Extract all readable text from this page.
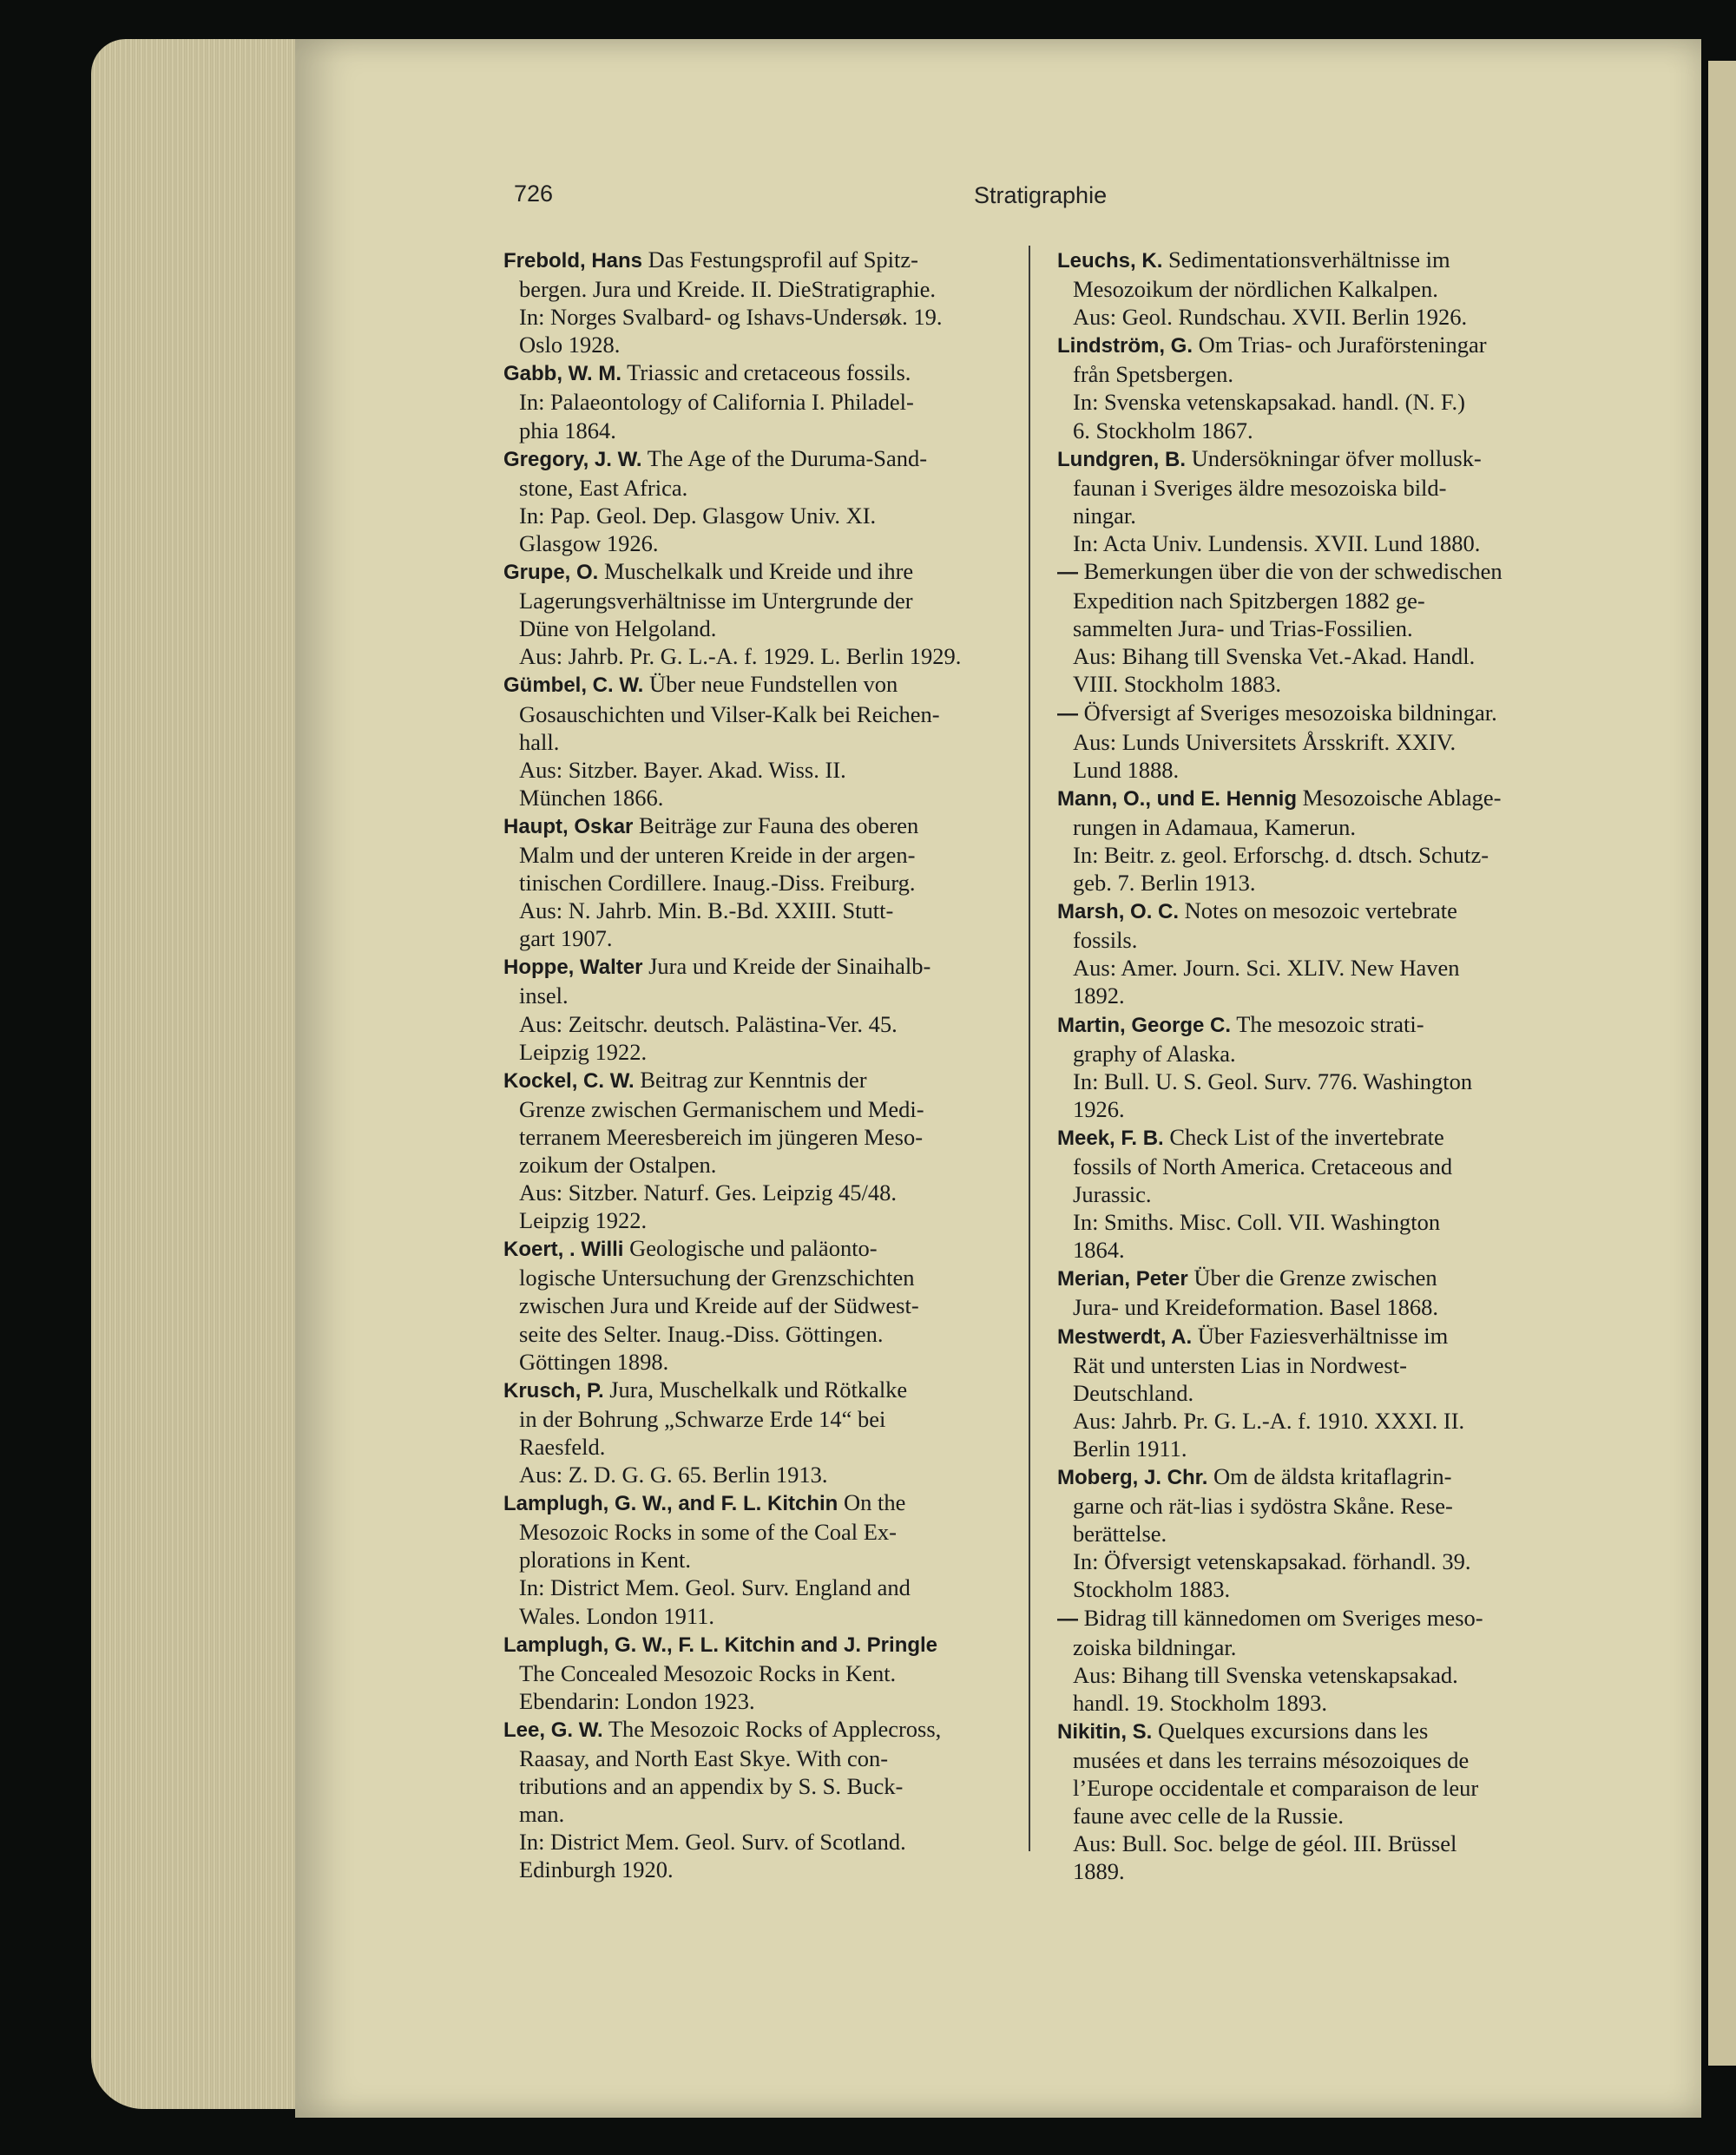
726	Stratigraphie
Frebold, Hans Das Festungsprofil auf Spitz-
bergen. Jura und Kreide. II. DieStratigraphie.
In: Norges Svalbard- og Ishavs-Undersøk. 19.
Oslo 1928.
Gabb, W. M. Triassic and cretaceous fossils.
In: Palaeontology of California I. Philadel-
phia 1864.
Gregory, J. W. The Age of the Duruma-Sand-
stone, East Africa.
In: Pap. Geol. Dep. Glasgow Univ. XI.
Glasgow 1926.
Grupe, O. Muschelkalk und Kreide und ihre
Lagerungsverhältnisse im Untergrunde der
Düne von Helgoland.
Aus: Jahrb. Pr. G. L.-A. f. 1929. L. Berlin 1929.
Gümbel, C. W. Über neue Fundstellen von
Gosauschichten und Vilser-Kalk bei Reichen-
hall.
Aus: Sitzber. Bayer. Akad. Wiss. II.
München 1866.
Haupt, Oskar Beiträge zur Fauna des oberen
Malm und der unteren Kreide in der argen-
tinischen Cordillere. Inaug.-Diss. Freiburg.
Aus: N. Jahrb. Min. B.-Bd. XXIII. Stutt-
gart 1907.
Hoppe, Walter Jura und Kreide der Sinaihalb-
insel.
Aus: Zeitschr. deutsch. Palästina-Ver. 45.
Leipzig 1922.
Kockel, C. W. Beitrag zur Kenntnis der
Grenze zwischen Germanischem und Medi-
terranem Meeresbereich im jüngeren Meso-
zoikum der Ostalpen.
Aus: Sitzber. Naturf. Ges. Leipzig 45/48.
Leipzig 1922.
Koert, . Willi Geologische und paläonto-
logische Untersuchung der Grenzschichten
zwischen Jura und Kreide auf der Südwest-
seite des Selter. Inaug.-Diss. Göttingen.
Göttingen 1898.
Krusch, P. Jura, Muschelkalk und Rötkalke
in der Bohrung „Schwarze Erde 14“ bei
Raesfeld.
Aus: Z. D. G. G. 65. Berlin 1913.
Lamplugh, G. W., and F. L. Kitchin On the
Mesozoic Rocks in some of the Coal Ex-
plorations in Kent.
In: District Mem. Geol. Surv. England and
Wales. London 1911.
Lamplugh, G. W., F. L. Kitchin and J. Pringle
The Concealed Mesozoic Rocks in Kent.
Ebendarin: London 1923.
Lee, G. W. The Mesozoic Rocks of Applecross,
Raasay, and North East Skye. With con-
tributions and an appendix by S. S. Buck-
man.
In: District Mem. Geol. Surv. of Scotland.
Edinburgh 1920.
Leuchs, K. Sedimentationsverhältnisse im
Mesozoikum der nördlichen Kalkalpen.
Aus: Geol. Rundschau. XVII. Berlin 1926.
Lindström, G. Om Trias- och Juraförsteningar
från Spetsbergen.
In: Svenska vetenskapsakad. handl. (N. F.)
6. Stockholm 1867.
Lundgren, B. Undersökningar öfver mollusk-
faunan i Sveriges äldre mesozoiska bild-
ningar.
In: Acta Univ. Lundensis. XVII. Lund 1880.
— Bemerkungen über die von der schwedischen
Expedition nach Spitzbergen 1882 ge-
sammelten Jura- und Trias-Fossilien.
Aus: Bihang till Svenska Vet.-Akad. Handl.
VIII. Stockholm 1883.
— Öfversigt af Sveriges mesozoiska bildningar.
Aus: Lunds Universitets Årsskrift. XXIV.
Lund 1888.
Mann, O., und E. Hennig Mesozoische Ablage-
rungen in Adamaua, Kamerun.
In: Beitr. z. geol. Erforschg. d. dtsch. Schutz-
geb. 7. Berlin 1913.
Marsh, O. C. Notes on mesozoic vertebrate
fossils.
Aus: Amer. Journ. Sci. XLIV. New Haven
1892.
Martin, George C. The mesozoic strati-
graphy of Alaska.
In: Bull. U. S. Geol. Surv. 776. Washington
1926.
Meek, F. B. Check List of the invertebrate
fossils of North America. Cretaceous and
Jurassic.
In: Smiths. Misc. Coll. VII. Washington
1864.
Merian, Peter Über die Grenze zwischen
Jura- und Kreideformation. Basel 1868.
Mestwerdt, A. Über Faziesverhältnisse im
Rät und untersten Lias in Nordwest-
Deutschland.
Aus: Jahrb. Pr. G. L.-A. f. 1910. XXXI. II.
Berlin 1911.
Moberg, J. Chr. Om de äldsta kritaflagrin-
garne och rät-lias i sydöstra Skåne. Rese-
berättelse.
In: Öfversigt vetenskapsakad. förhandl. 39.
Stockholm 1883.
— Bidrag till kännedomen om Sveriges meso-
zoiska bildningar.
Aus: Bihang till Svenska vetenskapsakad.
handl. 19. Stockholm 1893.
Nikitin, S. Quelques excursions dans les
musées et dans les terrains mésozoiques de
l’Europe occidentale et comparaison de leur
faune avec celle de la Russie.
Aus: Bull. Soc. belge de géol. III. Brüssel
1889.
